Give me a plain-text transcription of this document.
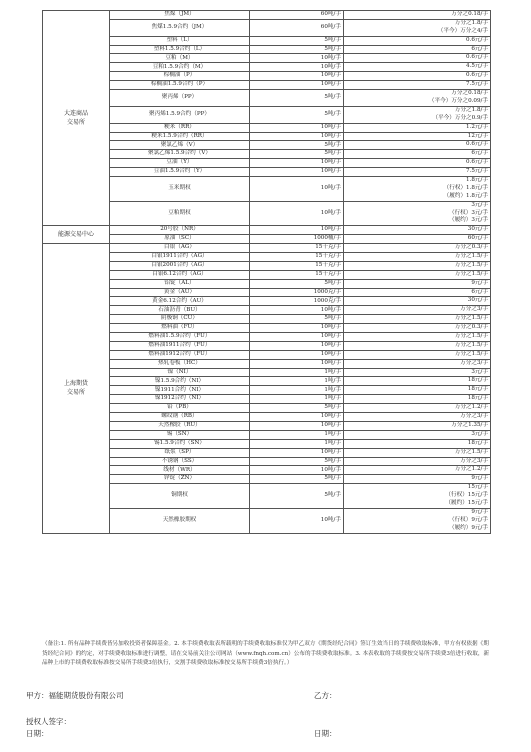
大连商品
交易所	焦煤（JM）	60吨/手	万分之0.18/手

	焦煤1.5.9合约（JM）	60吨/手	万分之1.8/手
（平今）万分之4/手

	塑料（L）	5吨/手	0.6元/手

	塑料1.5.9合约（L）	5吨/手	6元/手

	豆粕（M）	10吨/手	0.6元/手

	豆粕1.5.9合约（M）	10吨/手	4.5元/手

	棕榈油（P）	10吨/手	0.6元/手

	棕榈油1.5.9合约（P）	10吨/手	7.5元/手

	聚丙烯（PP）	5吨/手	万分之0.18/手
（平今）万分之0.09/手

	聚丙烯1.5.9合约（PP）	5吨/手	万分之1.8/手
（平今）万分之0.9/手

	粳米（RR）	10吨/手	1.2元/手

	粳米1.5.9合约（RR）	10吨/手	12元/手

	聚氯乙烯（V）	5吨/手	0.6元/手

	聚氯乙烯1.5.9合约（V）	5吨/手	6元/手

	豆油（Y）	10吨/手	0.6元/手

	豆油1.5.9合约（Y）	10吨/手	7.5元/手

	玉米期权	10吨/手	1.8元/手
（行权）1.8元/手
（履约）1.8元/手

	豆粕期权	10吨/手	3元/手
（行权）3元/手
（履约）3元/手

能源交易中心	20号胶（NR）	10吨/手	30元/手

	原油（SC）	1000桶/手	60元/手

上海期货
交易所	白银（AG）	15千克/手	万分之0.3/手

	白银1911合约（AG）	15千克/手	万分之1.5/手

	白银2001合约（AG）	15千克/手	万分之1.5/手

	白银6.12合约（AG）	15千克/手	万分之1.5/手

	铝锭（AL）	5吨/手	9元/手

	黄金（AU）	1000克/手	6元/手

	黄金6.12合约（AU）	1000克/手	30元/手

	石油沥青（BU）	10吨/手	万分之3/手

	阴极铜（CU）	5吨/手	万分之1.5/手

	燃料油（FU）	10吨/手	万分之0.3/手

	燃料油1.5.9合约（FU）	10吨/手	万分之1.5/手

	燃料油1911合约（FU）	10吨/手	万分之1.5/手

	燃料油1912合约（FU）	10吨/手	万分之1.5/手

	热轧卷板（HC）	10吨/手	万分之3/手

	镍（NI）	1吨/手	3元/手

	镍1.5.9合约（NI）	1吨/手	18元/手

	镍1911合约（NI）	1吨/手	18元/手

	镍1912合约（NI）	1吨/手	18元/手

	铅（PB）	5吨/手	万分之1.2/手

	螺纹钢（RB）	10吨/手	万分之3/手

	天然橡胶（RU）	10吨/手	万分之1.35/手

	锡（SN）	1吨/手	3元/手

	锡1.5.9合约（SN）	1吨/手	18元/手

	纸浆（SP）	10吨/手	万分之1.5/手

	不锈钢（SS）	5吨/手	万分之3/手

	线材（WR）	10吨/手	万分之1.2/手

	锌锭（ZN）	5吨/手	9元/手

	铜期权	5吨/手	15元/手
（行权）15元/手
（履约）15元/手

	天然橡胶期权	10吨/手	9元/手
（行权）9元/手
（履约）9元/手
（备注:1. 所有品种手续费皆另加收投资者保障基金。2. 本手续费收取表所载明的手续费收取标准仅为甲乙双方《期货经纪合同》签订生效当日的手续费收取标准，甲方有权依据《期货经纪合同》的约定，对手续费收取标准进行调整，请在交易前关注公司网站（www.fnqh.com.cn）公布的手续费收取标准。3. 本表收取的手续费按交易所手续费3倍进行收取，新品种上市的手续费收取标准按交易所手续费3倍执行，交割手续费收取标准按交易所手续费3倍执行。）
甲方：福能期货股份有限公司	乙方：
授权人签字：
日期：	日期：
